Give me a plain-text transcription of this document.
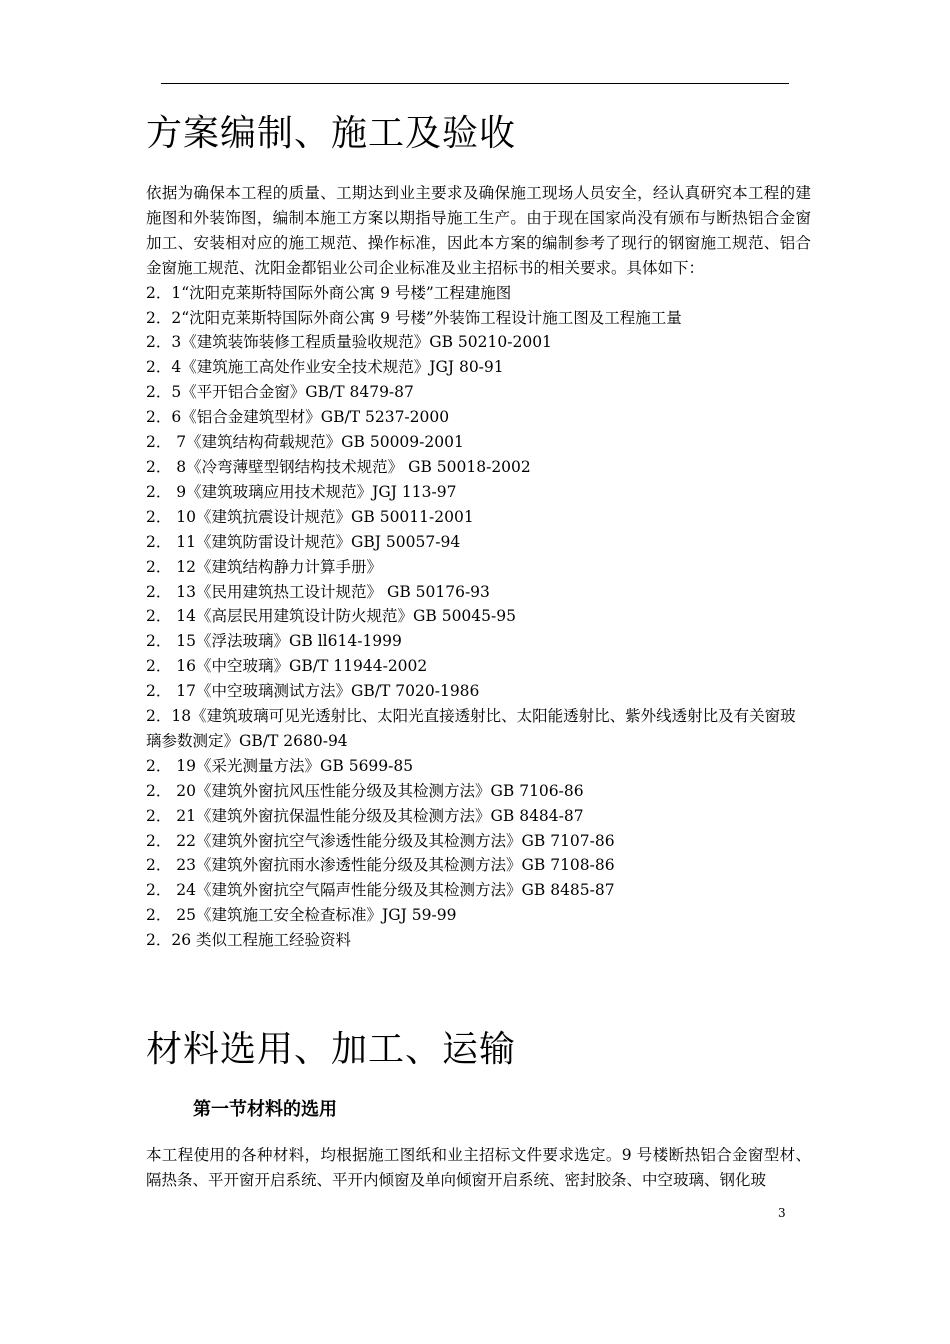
方案编制、施工及验收

依据为确保本工程的质量、工期达到业主要求及确保施工现场人员安全，经认真研究本工程的建施图和外装饰图，编制本施工方案以期指导施工生产。由于现在国家尚没有颁布与断热铝合金窗加工、安装相对应的施工规范、操作标准，因此本方案的编制参考了现行的钢窗施工规范、铝合金窗施工规范、沈阳金都铝业公司企业标准及业主招标书的相关要求。具体如下：

2．1“沈阳克莱斯特国际外商公寓 9 号楼”工程建施图
2．2“沈阳克莱斯特国际外商公寓 9 号楼”外装饰工程设计施工图及工程施工量
2．3《建筑装饰装修工程质量验收规范》GB 50210-2001
2．4《建筑施工高处作业安全技术规范》JGJ 80-91
2．5《平开铝合金窗》GB/T 8479-87
2．6《铝合金建筑型材》GB/T 5237-2000
2． 7《建筑结构荷载规范》GB 50009-2001
2． 8《冷弯薄壁型钢结构技术规范》 GB 50018-2002
2． 9《建筑玻璃应用技术规范》JGJ 113-97
2． 10《建筑抗震设计规范》GB 50011-2001
2． 11《建筑防雷设计规范》GBJ 50057-94
2． 12《建筑结构静力计算手册》
2． 13《民用建筑热工设计规范》 GB 50176-93
2． 14《高层民用建筑设计防火规范》GB 50045-95
2． 15《浮法玻璃》GB ll614-1999
2． 16《中空玻璃》GB/T 11944-2002
2． 17《中空玻璃测试方法》GB/T 7020-1986
2．18《建筑玻璃可见光透射比、太阳光直接透射比、太阳能透射比、紫外线透射比及有关窗玻璃参数测定》GB/T 2680-94
2． 19《采光测量方法》GB 5699-85
2． 20《建筑外窗抗风压性能分级及其检测方法》GB 7106-86
2． 21《建筑外窗抗保温性能分级及其检测方法》GB 8484-87
2． 22《建筑外窗抗空气渗透性能分级及其检测方法》GB 7107-86
2． 23《建筑外窗抗雨水渗透性能分级及其检测方法》GB 7108-86
2． 24《建筑外窗抗空气隔声性能分级及其检测方法》GB 8485-87
2． 25《建筑施工安全检查标准》JGJ 59-99
2．26 类似工程施工经验资料
材料选用、加工、运输
第一节材料的选用

本工程使用的各种材料，均根据施工图纸和业主招标文件要求选定。9 号楼断热铝合金窗型材、隔热条、平开窗开启系统、平开内倾窗及单向倾窗开启系统、密封胶条、中空玻璃、钢化玻

3
